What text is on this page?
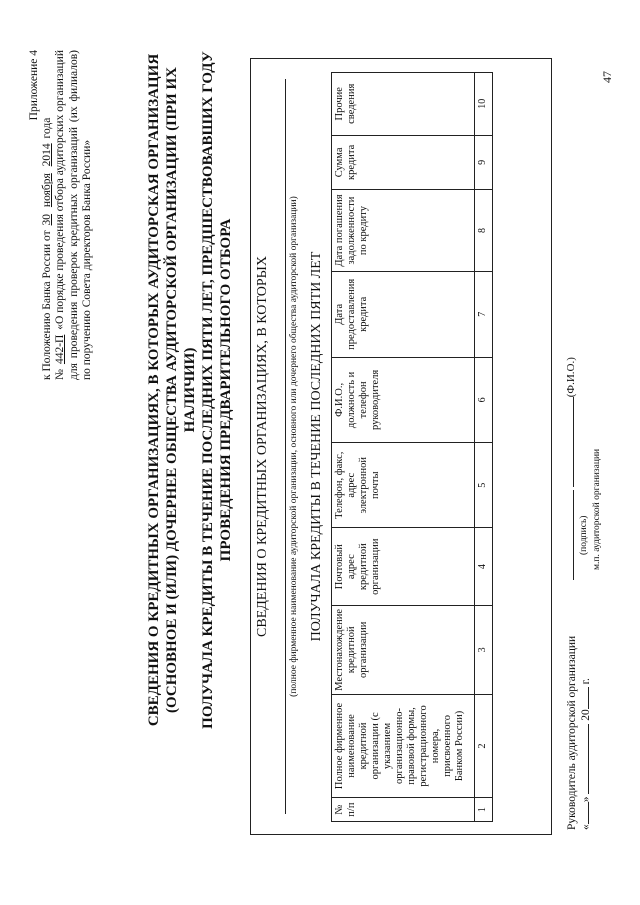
47
Приложение 4
к Положению Банка России от 30 ноября 2014 года
№ 442-П «О порядке проведения отбора аудиторских организаций для проведения проверок кредитных организаций (их филиалов) по поручению Совета директоров Банка России»	СВЕДЕНИЯ О КРЕДИТНЫХ ОРГАНИЗАЦИЯХ, В КОТОРЫХ АУДИТОРСКАЯ ОРГАНИЗАЦИЯ (ОСНОВНОЕ И (ИЛИ) ДОЧЕРНЕЕ ОБЩЕСТВА АУДИТОРСКОЙ ОРГАНИЗАЦИИ (ПРИ ИХ НАЛИЧИИ) ПОЛУЧАЛА КРЕДИТЫ В ТЕЧЕНИЕ ПОСЛЕДНИХ ПЯТИ ЛЕТ, ПРЕДШЕСТВОВАВШИХ ГОДУ ПРОВЕДЕНИЯ ПРЕДВАРИТЕЛЬНОГО ОТБОРА СВЕДЕНИЯ О КРЕДИТНЫХ ОРГАНИЗАЦИЯХ, В КОТОРЫХ (полное фирменное наименование аудиторской организации, основного или дочернего общества аудиторской организации) ПОЛУЧАЛА КРЕДИТЫ В ТЕЧЕНИЕ ПОСЛЕДНИХ ПЯТИ ЛЕТ
№ п/п	Полное фирменное наименование кредитной организации (с указанием организационно-правовой формы, регистрационного номера, присвоенного Банком России)	Местонахождение кредитной организации	Почтовый адрес кредитной организации	Телефон, факс, адрес электронной почты	Ф.И.О., должность и телефон руководителя	Дата предоставления кредита	Дата погашения задолженности по кредиту	Сумма кредита	Прочие сведения
1	2	3	4	5	6	7	8	9	10
Руководитель аудиторской организации «»  20 г.
(Ф.И.О.)
(подпись) м.п. аудиторской организации
